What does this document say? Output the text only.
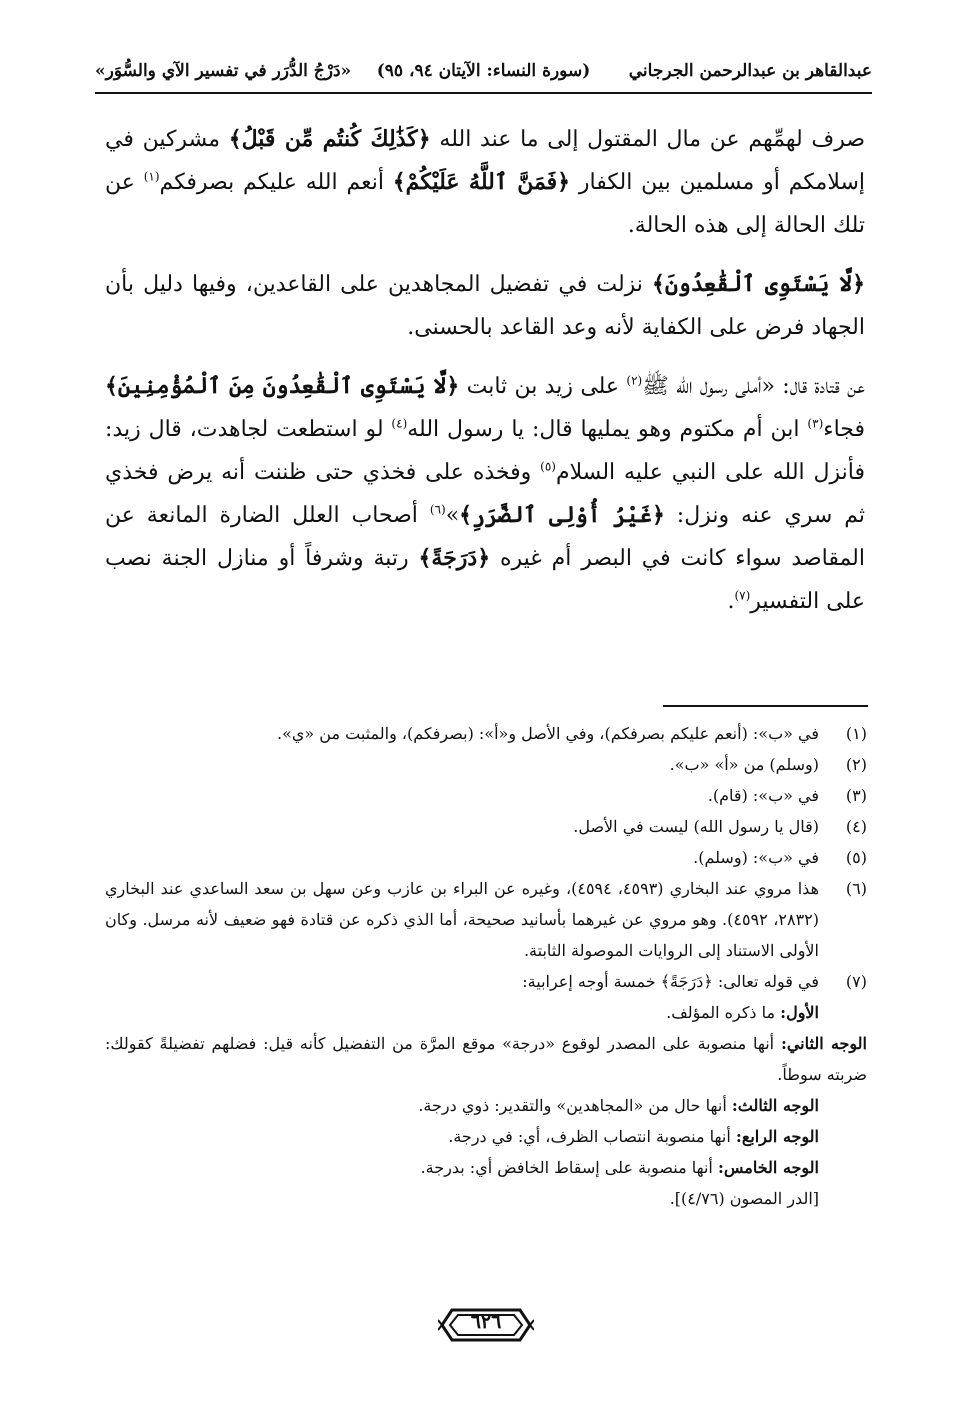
عبدالقاهر بن عبدالرحمن الجرجاني
(سورة النساء: الآيتان ٩٤، ٩٥)
«دَرْجُ الدُّرَر في تفسير الآي والسُّوَر»

صرف لهمِّهم عن مال المقتول إلى ما عند الله ﴿كَذَٰلِكَ كُنتُم مِّن قَبْلُ﴾ مشركين في إسلامكم أو مسلمين بين الكفار ﴿فَمَنَّ ٱللَّهُ عَلَيْكُمْ﴾ أنعم الله عليكم بصرفكم$^{(١)}$ عن تلك الحالة إلى هذه الحالة.

﴿لَّا يَسْتَوِى ٱلْقَٰعِدُونَ﴾ نزلت في تفضيل المجاهدين على القاعدين، وفيها دليل بأن الجهاد فرض على الكفاية لأنه وعد القاعد بالحسنى.

عن قتادة قال: «أملى رسول الله ﷺ$^{(٢)}$ على زيد بن ثابت ﴿لَّا يَسْتَوِى ٱلْقَٰعِدُونَ مِنَ ٱلْمُؤْمِنِينَ﴾ فجاء$^{(٣)}$ ابن أم مكتوم وهو يمليها قال: يا رسول الله$^{(٤)}$ لو استطعت لجاهدت، قال زيد: فأنزل الله على النبي عليه السلام$^{(٥)}$ وفخذه على فخذي حتى ظننت أنه يرض فخذي ثم سري عنه ونزل: ﴿غَيْرُ أُوْلِى ٱلضَّرَرِ﴾»$^{(٦)}$ أصحاب العلل الضارة المانعة عن المقاصد سواء كانت في البصر أم غيره ﴿دَرَجَةً﴾ رتبة وشرفاً أو منازل الجنة نصب على التفسير$^{(٧)}$.

(١)
في «ب»: (أنعم عليكم بصرفكم)، وفي الأصل و«أ»: (بصرفكم)، والمثبت من «ي».
(٢)
(وسلم) من «أ» «ب».
(٣)
في «ب»: (قام).
(٤)
(قال يا رسول الله) ليست في الأصل.
(٥)
في «ب»: (وسلم).
(٦)
هذا مروي عند البخاري (٤٥٩٣، ٤٥٩٤)، وغيره عن البراء بن عازب وعن سهل بن سعد الساعدي عند البخاري (٢٨٣٢، ٤٥٩٢). وهو مروي عن غيرهما بأسانيد صحيحة، أما الذي ذكره عن قتادة فهو ضعيف لأنه مرسل. وكان الأولى الاستناد إلى الروايات الموصولة الثابتة.
(٧)
في قوله تعالى: ﴿دَرَجَةً﴾ خمسة أوجه إعرابية:
الأول: ما ذكره المؤلف.
الوجه الثاني: أنها منصوبة على المصدر لوقوع «درجة» موقع المرَّة من التفضيل كأنه قيل: فضلهم تفضيلةً كقولك: ضربته سوطاً.
الوجه الثالث: أنها حال من «المجاهدين» والتقدير: ذوي درجة.
الوجه الرابع: أنها منصوبة انتصاب الظرف، أي: في درجة.
الوجه الخامس: أنها منصوبة على إسقاط الخافض أي: بدرجة.
[الدر المصون (٤/٧٦)].
٦٢٦
